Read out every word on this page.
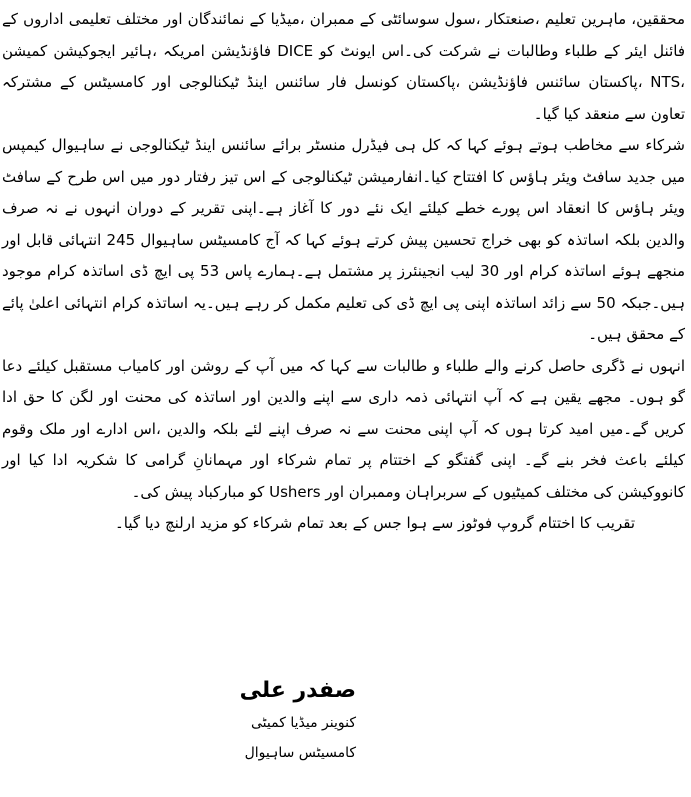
محققین، ماہرین تعلیم ،صنعتکار ،سول سوسائٹی کے ممبران ،میڈیا کے نمائندگان اور مختلف تعلیمی اداروں کے فائنل ایئر کے طلباء وطالبات نے شرکت کی۔اس ایونٹ کو DICE فاؤنڈیشن امریکہ ،ہائیر ایجوکیشن کمیشن ،NTS ،پاکستان سائنس فاؤنڈیشن ،پاکستان کونسل فار سائنس اینڈ ٹیکنالوجی اور کامسیٹس کے مشترکہ تعاون سے منعقد کیا گیا۔

شرکاء سے مخاطب ہوتے ہوئے کہا کہ کل ہی فیڈرل منسٹر برائے سائنس اینڈ ٹیکنالوجی نے ساہیوال کیمپس میں جدید سافٹ ویئر ہاؤس کا افتتاح کیا۔انفارمیشن ٹیکنالوجی کے اس تیز رفتار دور میں اس طرح کے سافٹ ویئر ہاؤس کا انعقاد اس پورے خطے کیلئے ایک نئے دور کا آغاز ہے۔اپنی تقریر کے دوران انہوں نے نہ صرف والدین بلکہ اساتذہ کو بھی خراج تحسین پیش کرتے ہوئے کہا کہ آج کامسیٹس ساہیوال 245 انتہائی قابل اور منجھے ہوئے اساتذہ کرام اور 30 لیب انجینئرز پر مشتمل ہے۔ہمارے پاس 53 پی ایچ ڈی اساتذہ کرام موجود ہیں۔جبکہ 50 سے زائد اساتذہ اپنی پی ایچ ڈی کی تعلیم مکمل کر رہے ہیں۔یہ اساتذہ کرام انتہائی اعلیٰ پائے کے محقق ہیں۔

انہوں نے ڈگری حاصل کرنے والے طلباء و طالبات سے کہا کہ میں آپ کے روشن اور کامیاب مستقبل کیلئے دعا گو ہوں۔ مجھے یقین ہے کہ آپ انتہائی ذمہ داری سے اپنے والدین اور اساتذہ کی محنت اور لگن کا حق ادا کریں گے۔میں امید کرتا ہوں کہ آپ اپنی محنت سے نہ صرف اپنے لئے بلکہ والدین ،اس ادارے اور ملک وقوم کیلئے باعث فخر بنے گے۔ اپنی گفتگو کے اختتام پر تمام شرکاء اور مہمانانِ گرامی کا شکریہ ادا کیا اور کانووکیشن کی مختلف کمیٹیوں کے سربراہان وممبران اور Ushers کو مبارکباد پیش کی۔

تقریب کا اختتام گروپ فوٹوز سے ہوا جس کے بعد تمام شرکاء کو مزید ارلنچ دیا گیا۔

صفدر علی

کنوینر میڈیا کمیٹی

کامسیٹس ساہیوال
